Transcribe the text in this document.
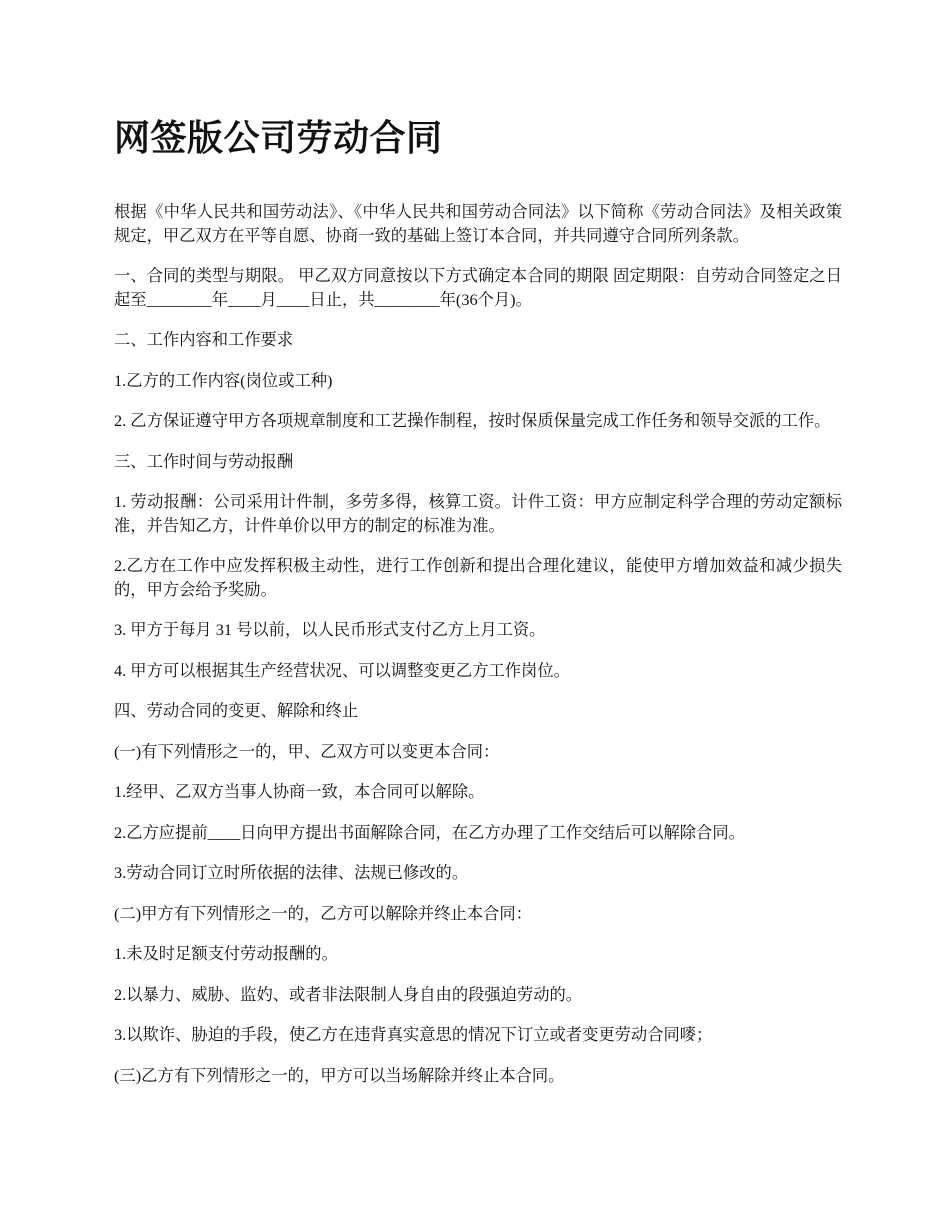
网签版公司劳动合同

根据《中华人民共和国劳动法》、《中华人民共和国劳动合同法》以下简称《劳动合同法》及相关政策规定，甲乙双方在平等自愿、协商一致的基础上签订本合同，并共同遵守合同所列条款。

一、合同的类型与期限。 甲乙双方同意按以下方式确定本合同的期限 固定期限：自劳动合同签定之日起至________年____月____日止，共________年(36个月)。

二、工作内容和工作要求

1.乙方的工作内容(岗位或工种)

2. 乙方保证遵守甲方各项规章制度和工艺操作制程，按时保质保量完成工作任务和领导交派的工作。

三、工作时间与劳动报酬

1. 劳动报酬：公司采用计件制，多劳多得，核算工资。计件工资：甲方应制定科学合理的劳动定额标准，并告知乙方，计件单价以甲方的制定的标准为准。

2.乙方在工作中应发挥积极主动性，进行工作创新和提出合理化建议，能使甲方增加效益和减少损失的，甲方会给予奖励。

3. 甲方于每月 31 号以前，以人民币形式支付乙方上月工资。

4. 甲方可以根据其生产经营状况、可以调整变更乙方工作岗位。

四、劳动合同的变更、解除和终止

(一)有下列情形之一的，甲、乙双方可以变更本合同：

1.经甲、乙双方当事人协商一致，本合同可以解除。

2.乙方应提前____日向甲方提出书面解除合同，在乙方办理了工作交结后可以解除合同。

3.劳动合同订立时所依据的法律、法规已修改的。

(二)甲方有下列情形之一的，乙方可以解除并终止本合同：

1.未及时足额支付劳动报酬的。

2.以暴力、威胁、监妁、或者非法限制人身自由的段强迫劳动的。

3.以欺诈、胁迫的手段，使乙方在违背真实意思的情况下订立或者变更劳动合同嘜；

(三)乙方有下列情形之一的，甲方可以当场解除并终止本合同。
